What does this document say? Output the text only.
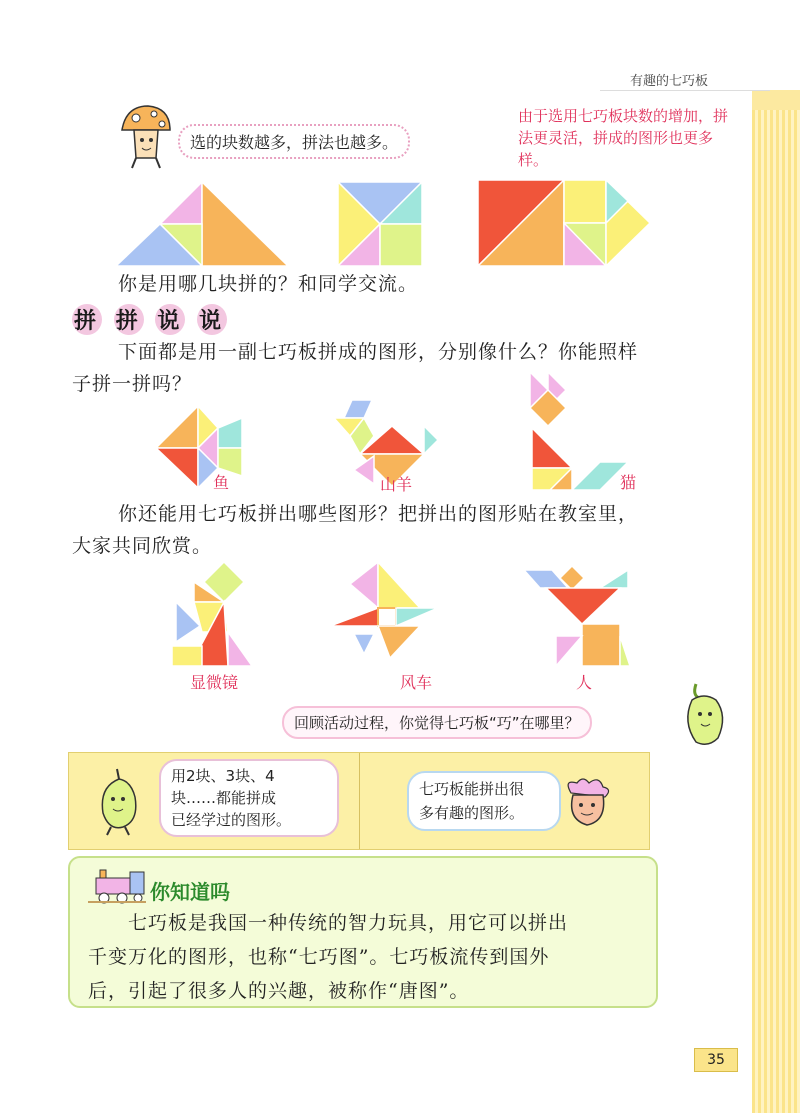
有趣的七巧板
选的块数越多，拼法也越多。
由于选用七巧板块数的增加，拼法更灵活，拼成的图形也更多样。
你是用哪几块拼的？和同学交流。
拼 拼 说 说
下面都是用一副七巧板拼成的图形，分别像什么？你能照样
子拼一拼吗？
鱼	山羊	猫
你还能用七巧板拼出哪些图形？把拼出的图形贴在教室里，
大家共同欣赏。
显微镜	风车	人
回顾活动过程，你觉得七巧板“巧”在哪里？
用2块、3块、4
块……都能拼成
已经学过的图形。
七巧板能拼出很
多有趣的图形。
你知道吗
七巧板是我国一种传统的智力玩具，用它可以拼出
千变万化的图形，也称“七巧图”。七巧板流传到国外
后，引起了很多人的兴趣，被称作“唐图”。
35
